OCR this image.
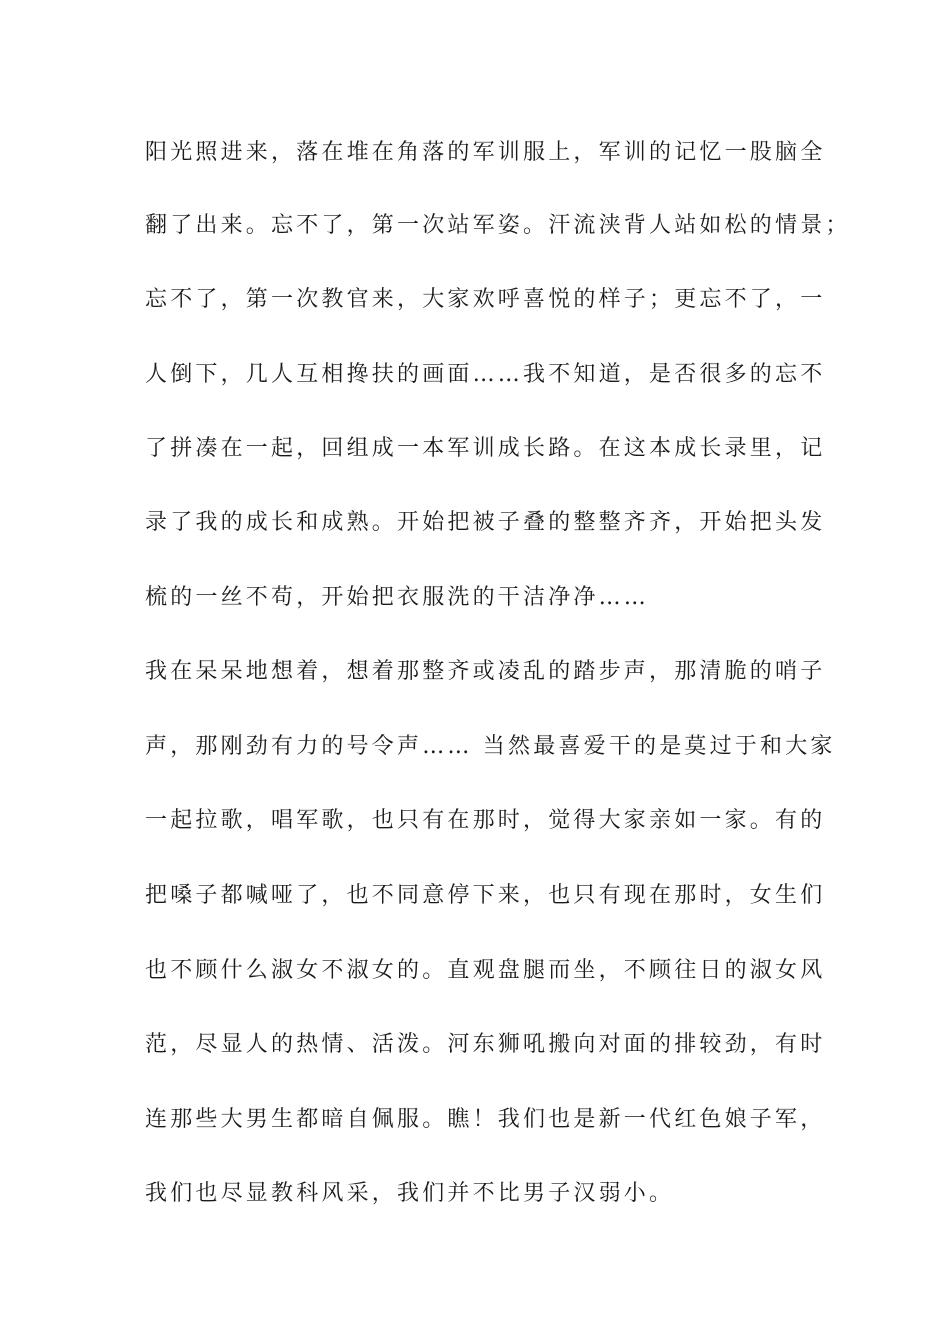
阳光照进来，落在堆在角落的军训服上，军训的记忆一股脑全
翻了出来。忘不了，第一次站军姿。汗流浃背人站如松的情景；
忘不了，第一次教官来，大家欢呼喜悦的样子；更忘不了，一
人倒下，几人互相搀扶的画面……我不知道，是否很多的忘不
了拼凑在一起，回组成一本军训成长路。在这本成长录里，记
录了我的成长和成熟。开始把被子叠的整整齐齐，开始把头发
梳的一丝不苟，开始把衣服洗的干洁净净……
我在呆呆地想着，想着那整齐或凌乱的踏步声，那清脆的哨子
声，那刚劲有力的号令声…… 当然最喜爱干的是莫过于和大家
一起拉歌，唱军歌，也只有在那时，觉得大家亲如一家。有的
把嗓子都喊哑了，也不同意停下来，也只有现在那时，女生们
也不顾什么淑女不淑女的。直观盘腿而坐，不顾往日的淑女风
范，尽显人的热情、活泼。河东狮吼搬向对面的排较劲，有时
连那些大男生都暗自佩服。瞧！我们也是新一代红色娘子军，
我们也尽显教科风采，我们并不比男子汉弱小。
